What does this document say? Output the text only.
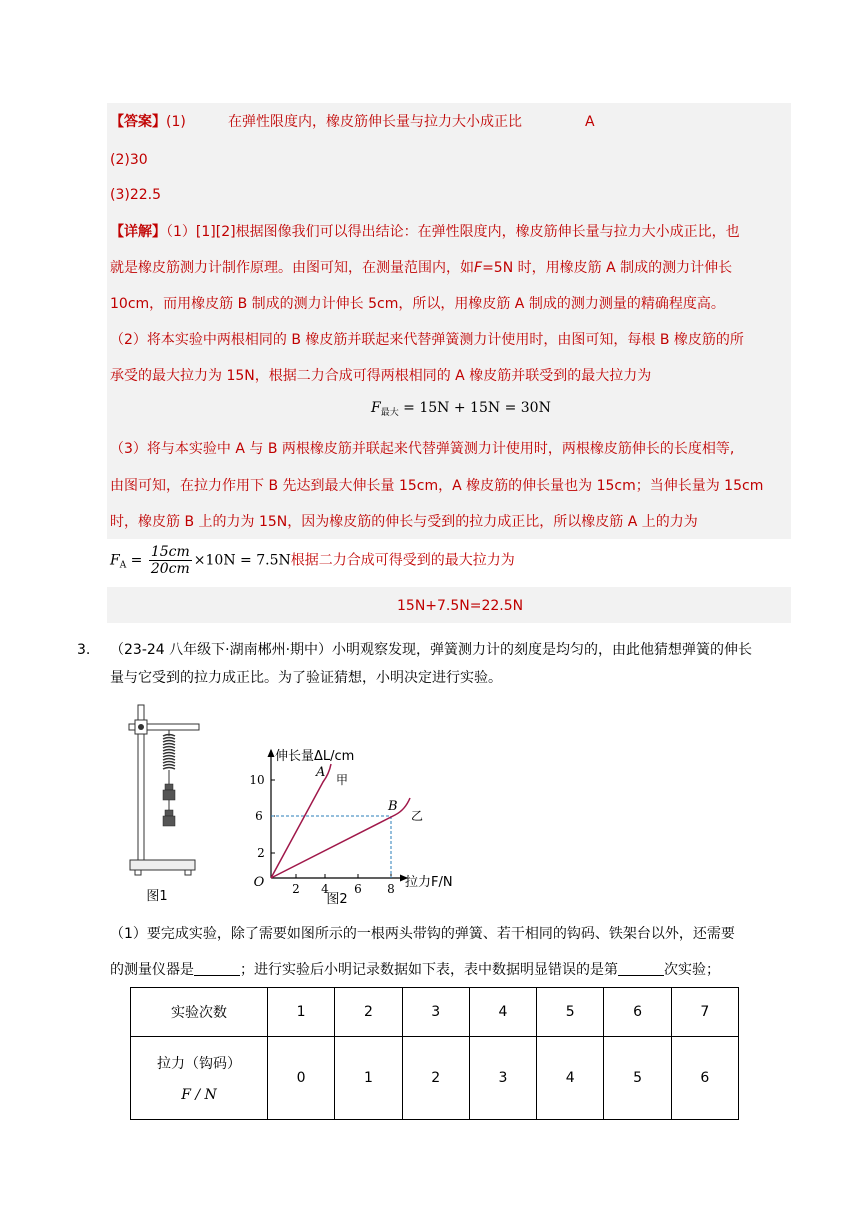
【答案】(1)	在弹性限度内，橡皮筋伸长量与拉力大小成正比	A
(2)30
(3)22.5
【详解】（1）[1][2]根据图像我们可以得出结论：在弹性限度内，橡皮筋伸长量与拉力大小成正比，也
就是橡皮筋测力计制作原理。由图可知，在测量范围内，如F=5N 时，用橡皮筋 A 制成的测力计伸长
10cm，而用橡皮筋 B 制成的测力计伸长 5cm，所以，用橡皮筋 A 制成的测力测量的精确程度高。
（2）将本实验中两根相同的 B 橡皮筋并联起来代替弹簧测力计使用时，由图可知，每根 B 橡皮筋的所
承受的最大拉力为 15N，根据二力合成可得两根相同的 A 橡皮筋并联受到的最大拉力为
$F_{最大} = 15N + 15N = 30N$
（3）将与本实验中 A 与 B 两根橡皮筋并联起来代替弹簧测力计使用时，两根橡皮筋伸长的长度相等,
由图可知，在拉力作用下 B 先达到最大伸长量 15cm，A 橡皮筋的伸长量也为 15cm；当伸长量为 15cm
时，橡皮筋 B 上的力为 15N，因为橡皮筋的伸长与受到的拉力成正比，所以橡皮筋 A 上的力为
$F_A = \frac{15cm}{20cm} \times 10N = 7.5N$根据二力合成可得受到的最大拉力为
15N+7.5N=22.5N
3. （23-24 八年级下·湖南郴州·期中）小明观察发现，弹簧测力计的刻度是均匀的，由此他猜想弹簧的伸长
量与它受到的拉力成正比。为了验证猜想，小明决定进行实验。
图1	2 4 6 8
2
6
10
O
伸长量ΔL/cm
拉力F/N
A 甲
B
乙
图2
（1）要完成实验，除了需要如图所示的一根两头带钩的弹簧、若干相同的钩码、铁架台以外，还需要
的测量仪器是	；进行实验后小明记录数据如下表，表中数据明显错误的是第	次实验；
实验次数	1	2	3	4	5	6	7

拉力（钩码）
F / N	0	1	2	3	4	5	6
